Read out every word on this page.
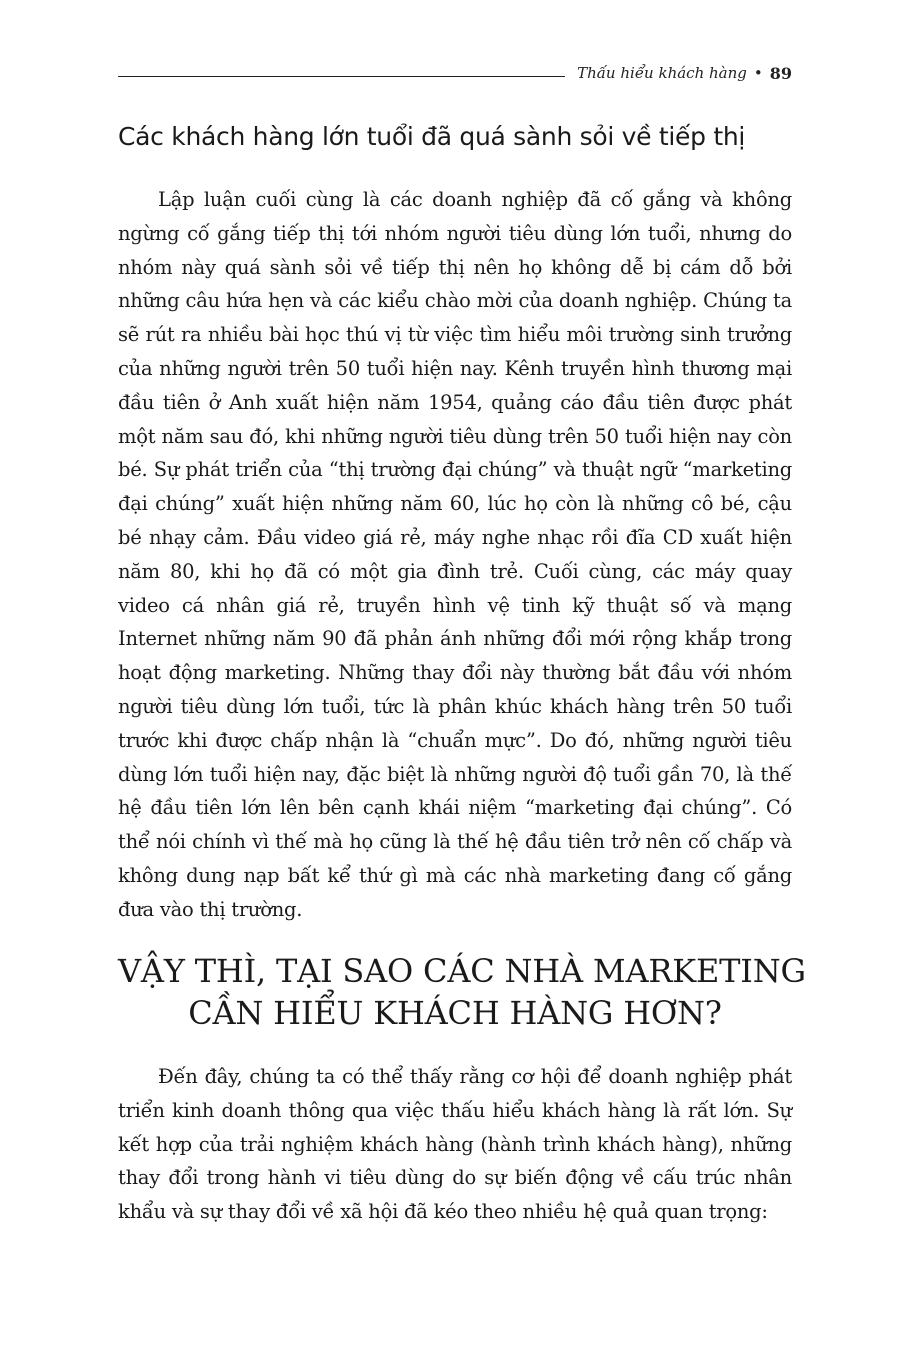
Thấu hiểu khách hàng • 89
Các khách hàng lớn tuổi đã quá sành sỏi về tiếp thị

Lập luận cuối cùng là các doanh nghiệp đã cố gắng và không ngừng cố gắng tiếp thị tới nhóm người tiêu dùng lớn tuổi, nhưng do nhóm này quá sành sỏi về tiếp thị nên họ không dễ bị cám dỗ bởi những câu hứa hẹn và các kiểu chào mời của doanh nghiệp. Chúng ta sẽ rút ra nhiều bài học thú vị từ việc tìm hiểu môi trường sinh trưởng của những người trên 50 tuổi hiện nay. Kênh truyền hình thương mại đầu tiên ở Anh xuất hiện năm 1954, quảng cáo đầu tiên được phát một năm sau đó, khi những người tiêu dùng trên 50 tuổi hiện nay còn bé. Sự phát triển của “thị trường đại chúng” và thuật ngữ “marketing đại chúng” xuất hiện những năm 60, lúc họ còn là những cô bé, cậu bé nhạy cảm. Đầu video giá rẻ, máy nghe nhạc rồi đĩa CD xuất hiện năm 80, khi họ đã có một gia đình trẻ. Cuối cùng, các máy quay video cá nhân giá rẻ, truyền hình vệ tinh kỹ thuật số và mạng Internet những năm 90 đã phản ánh những đổi mới rộng khắp trong hoạt động marketing. Những thay đổi này thường bắt đầu với nhóm người tiêu dùng lớn tuổi, tức là phân khúc khách hàng trên 50 tuổi trước khi được chấp nhận là “chuẩn mực”. Do đó, những người tiêu dùng lớn tuổi hiện nay, đặc biệt là những người độ tuổi gần 70, là thế hệ đầu tiên lớn lên bên cạnh khái niệm “marketing đại chúng”. Có thể nói chính vì thế mà họ cũng là thế hệ đầu tiên trở nên cố chấp và không dung nạp bất kể thứ gì mà các nhà marketing đang cố gắng đưa vào thị trường.

VẬY THÌ, TẠI SAO CÁC NHÀ MARKETING
CẦN HIỂU KHÁCH HÀNG HƠN?

Đến đây, chúng ta có thể thấy rằng cơ hội để doanh nghiệp phát triển kinh doanh thông qua việc thấu hiểu khách hàng là rất lớn. Sự kết hợp của trải nghiệm khách hàng (hành trình khách hàng), những thay đổi trong hành vi tiêu dùng do sự biến động về cấu trúc nhân khẩu và sự thay đổi về xã hội đã kéo theo nhiều hệ quả quan trọng:
